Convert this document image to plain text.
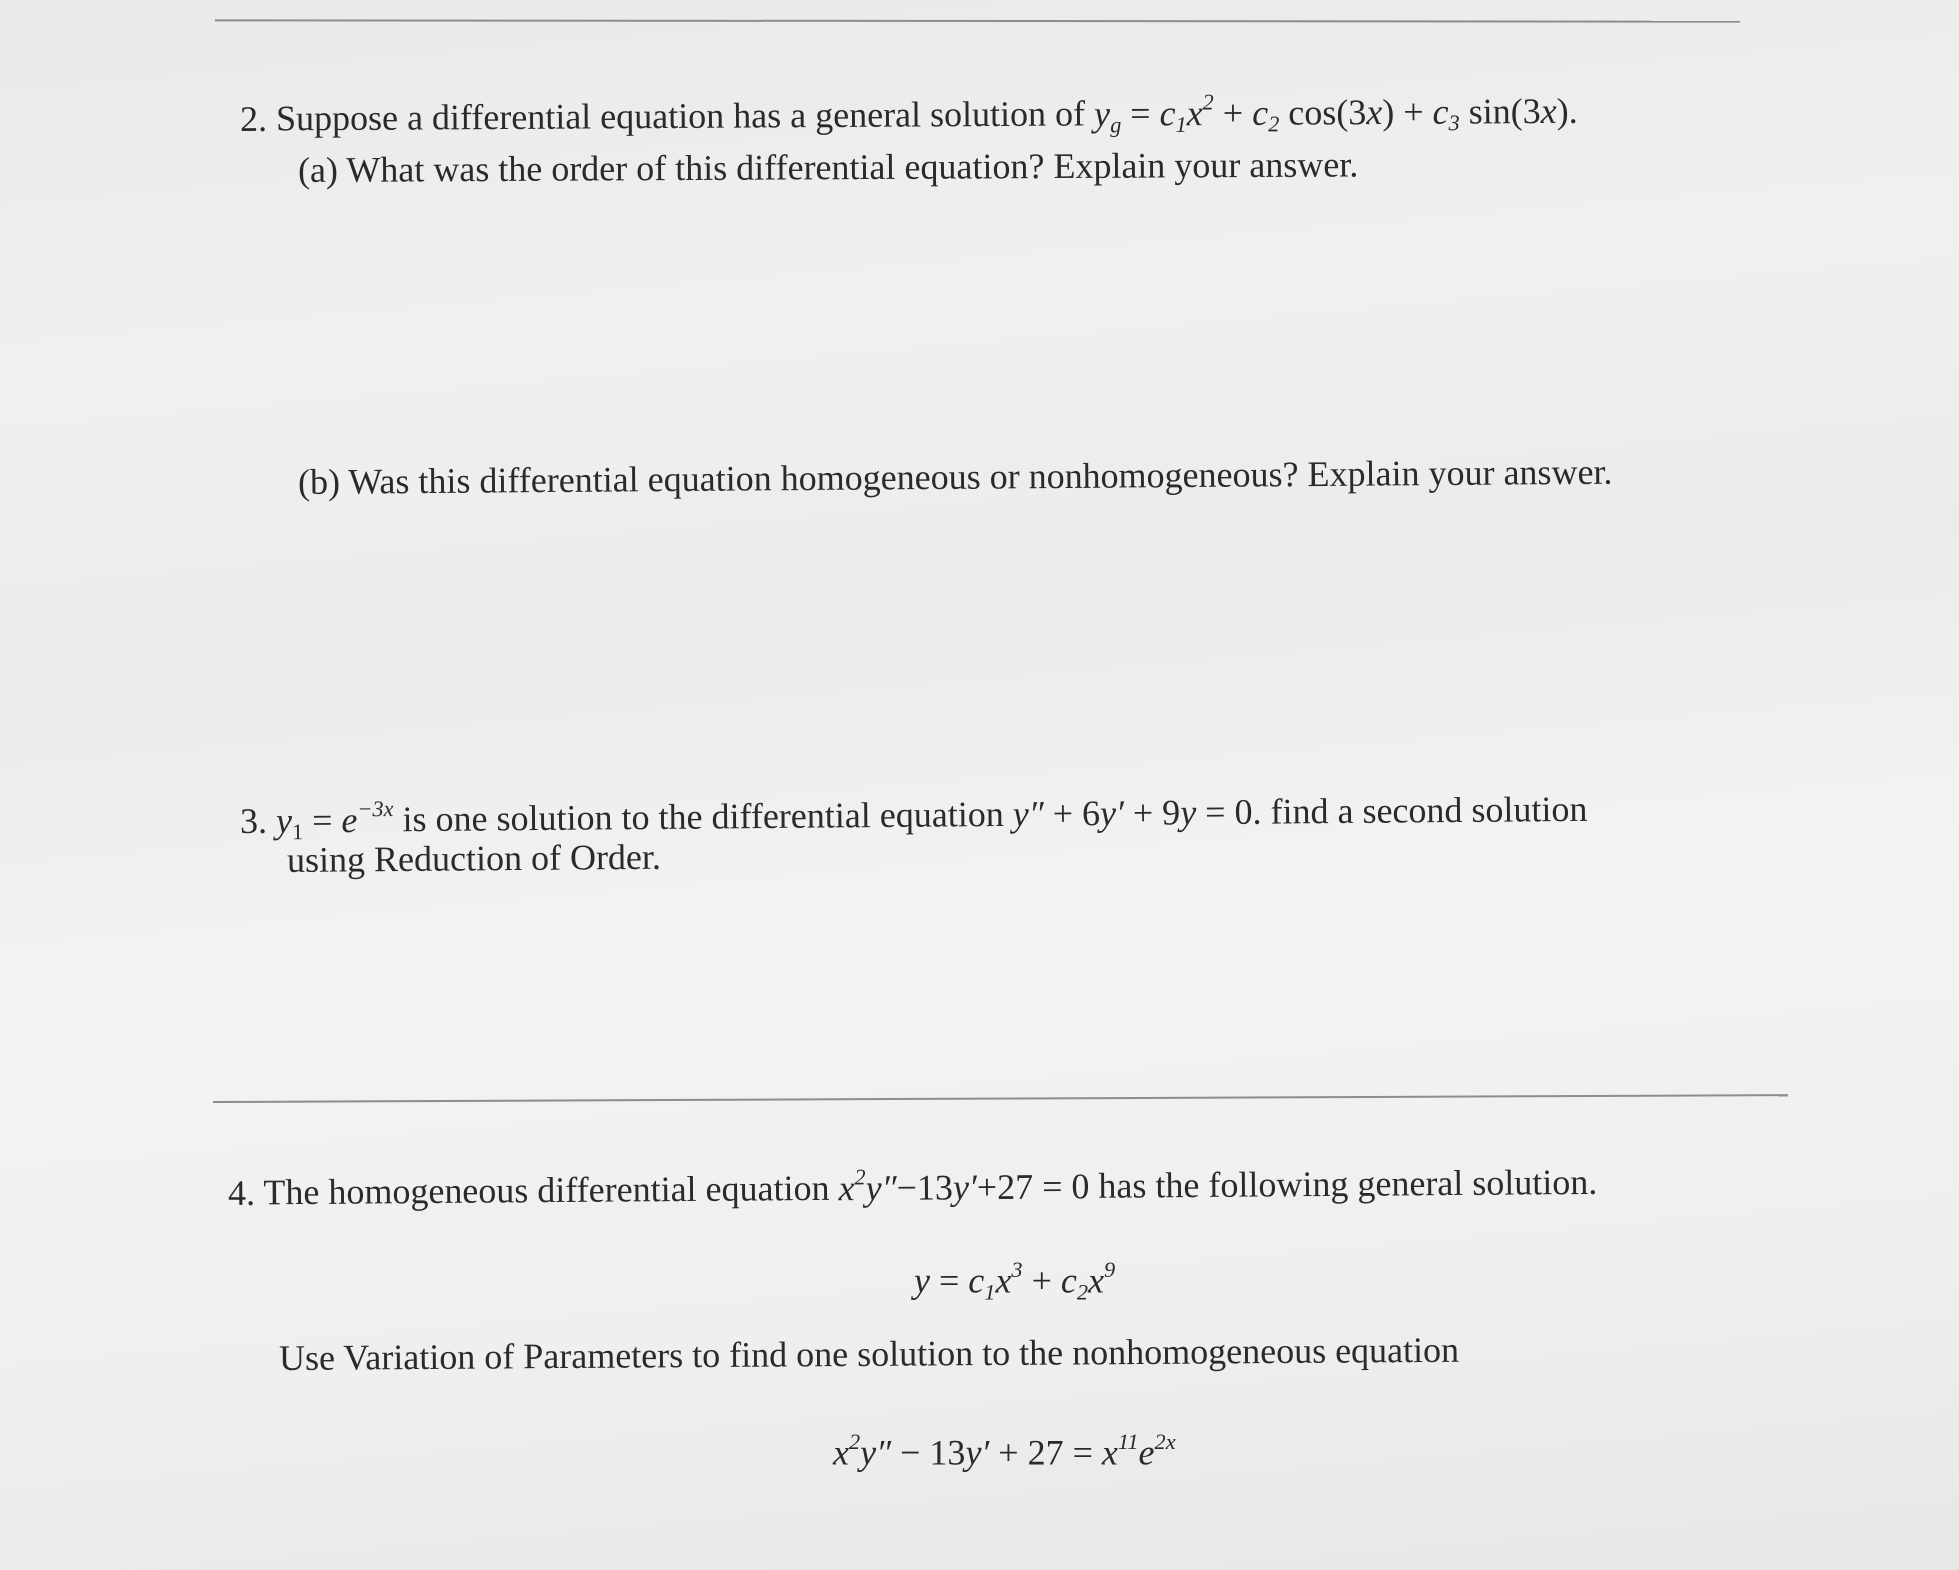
2. Suppose a differential equation has a general solution of $y_g = c_1x^2 + c_2$ $\cos(3x) + c_3$ sin(3x).
(a) What was the order of this differential equation? Explain your answer.
(b) Was this differential equation homogeneous or nonhomogeneous? Explain your answer.
3. $y_1 = e^{-3x}$ is one solution to the differential equation y″ + 6y′ + 9y = 0. find a second solution
using Reduction of Order.
4. The homogeneous differential equation $x^2y''-13y'+27 = 0$ has the following general solution.
$y = c_1x^3 + c_2x^9$
Use Variation of Parameters to find one solution to the nonhomogeneous equation
$x^2y'' - 13y' + 27 = x^{11}e^{2x}$
